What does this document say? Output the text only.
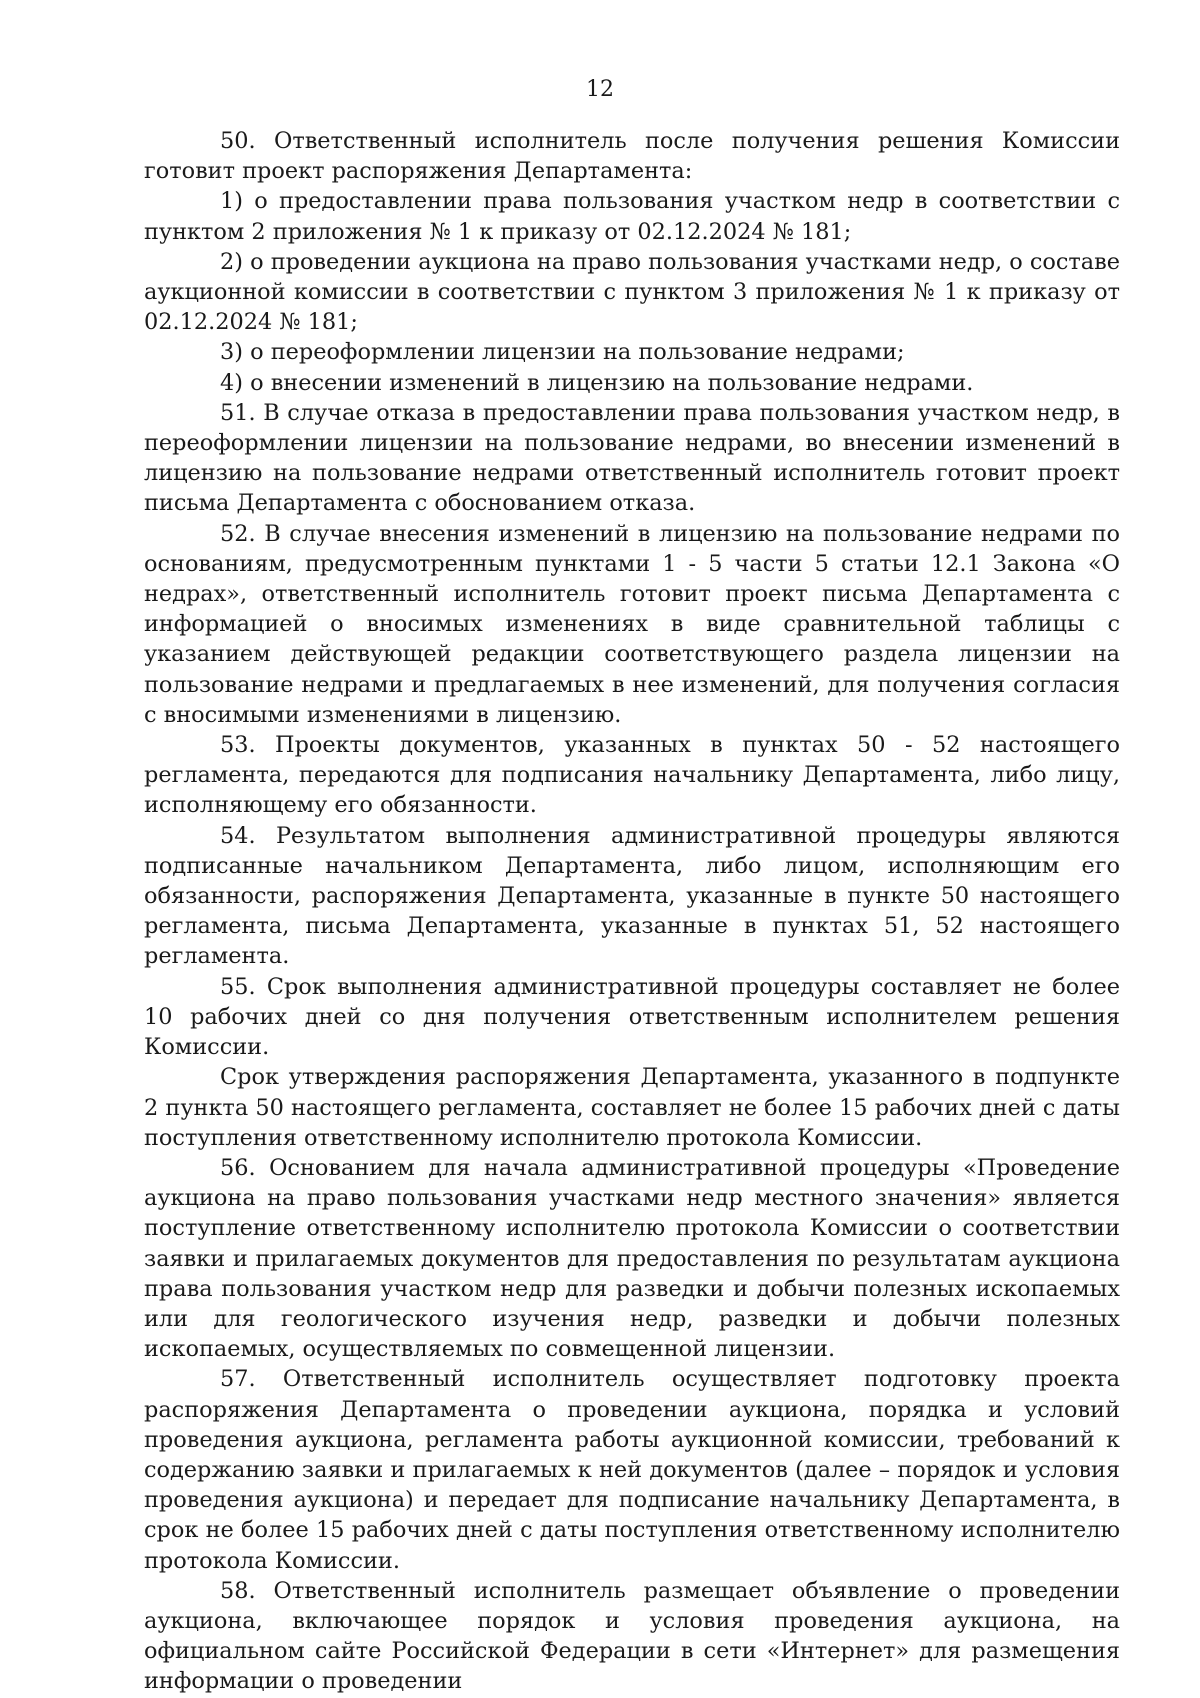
12

50. Ответственный исполнитель после получения решения Комиссии готовит проект распоряжения Департамента:

1) о предоставлении права пользования участком недр в соответствии с пунктом 2 приложения № 1 к приказу от 02.12.2024 № 181;

2) о проведении аукциона на право пользования участками недр, о составе аукционной комиссии в соответствии с пунктом 3 приложения № 1 к приказу от 02.12.2024 № 181;

3) о переоформлении лицензии на пользование недрами;

4) о внесении изменений в лицензию на пользование недрами.

51. В случае отказа в предоставлении права пользования участком недр, в переоформлении лицензии на пользование недрами, во внесении изменений в лицензию на пользование недрами ответственный исполнитель готовит проект письма Департамента с обоснованием отказа.

52. В случае внесения изменений в лицензию на пользование недрами по основаниям, предусмотренным пунктами 1 - 5 части 5 статьи 12.1 Закона «О недрах», ответственный исполнитель готовит проект письма Департамента с информацией о вносимых изменениях в виде сравнительной таблицы с указанием действующей редакции соответствующего раздела лицензии на пользование недрами и предлагаемых в нее изменений, для получения согласия с вносимыми изменениями в лицензию.

53. Проекты документов, указанных в пунктах 50 - 52 настоящего регламента, передаются для подписания начальнику Департамента, либо лицу, исполняющему его обязанности.

54. Результатом выполнения административной процедуры являются подписанные начальником Департамента, либо лицом, исполняющим его обязанности, распоряжения Департамента, указанные в пункте 50 настоящего регламента, письма Департамента, указанные в пунктах 51, 52 настоящего регламента.

55. Срок выполнения административной процедуры составляет не более 10 рабочих дней со дня получения ответственным исполнителем решения Комиссии.

Срок утверждения распоряжения Департамента, указанного в подпункте 2 пункта 50 настоящего регламента, составляет не более 15 рабочих дней с даты поступления ответственному исполнителю протокола Комиссии.

56. Основанием для начала административной процедуры «Проведение аукциона на право пользования участками недр местного значения» является поступление ответственному исполнителю протокола Комиссии о соответствии заявки и прилагаемых документов для предоставления по результатам аукциона права пользования участком недр для разведки и добычи полезных ископаемых или для геологического изучения недр, разведки и добычи полезных ископаемых, осуществляемых по совмещенной лицензии.

57. Ответственный исполнитель осуществляет подготовку проекта распоряжения Департамента о проведении аукциона, порядка и условий проведения аукциона, регламента работы аукционной комиссии, требований к содержанию заявки и прилагаемых к ней документов (далее – порядок и условия проведения аукциона) и передает для подписание начальнику Департамента, в срок не более 15 рабочих дней с даты поступления ответственному исполнителю протокола Комиссии.

58. Ответственный исполнитель размещает объявление о проведении аукциона, включающее порядок и условия проведения аукциона, на официальном сайте Российской Федерации в сети «Интернет» для размещения информации о проведении
